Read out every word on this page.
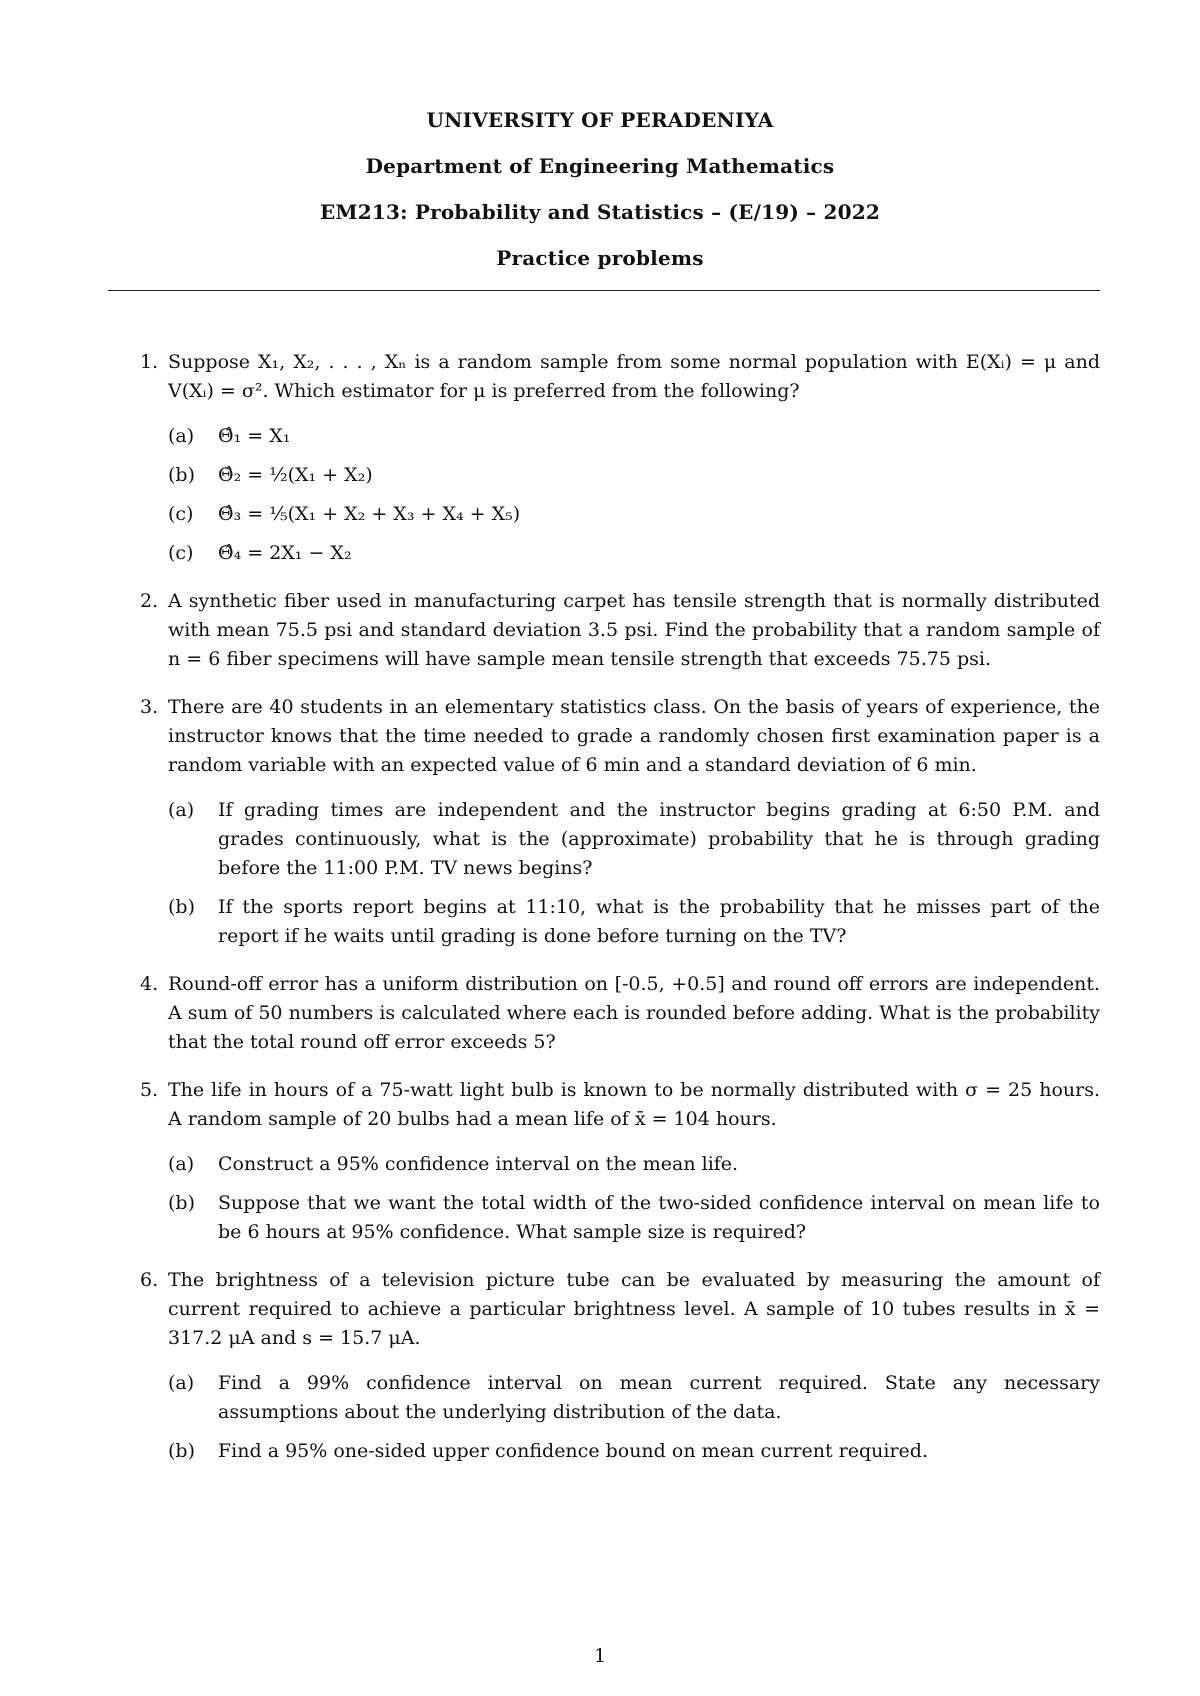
UNIVERSITY OF PERADENIYA
Department of Engineering Mathematics
EM213: Probability and Statistics – (E/19) – 2022
Practice problems
1. Suppose X₁, X₂, . . . , Xₙ is a random sample from some normal population with E(Xᵢ) = μ and V(Xᵢ) = σ². Which estimator for μ is preferred from the following?
(a) Θ̂₁ = X₁
(b) Θ̂₂ = ½(X₁ + X₂)
(c) Θ̂₃ = ⅕(X₁ + X₂ + X₃ + X₄ + X₅)
(c) Θ̂₄ = 2X₁ − X₂
2. A synthetic fiber used in manufacturing carpet has tensile strength that is normally distributed with mean 75.5 psi and standard deviation 3.5 psi. Find the probability that a random sample of n = 6 fiber specimens will have sample mean tensile strength that exceeds 75.75 psi.
3. There are 40 students in an elementary statistics class. On the basis of years of experience, the instructor knows that the time needed to grade a randomly chosen first examination paper is a random variable with an expected value of 6 min and a standard deviation of 6 min.
(a) If grading times are independent and the instructor begins grading at 6:50 P.M. and grades continuously, what is the (approximate) probability that he is through grading before the 11:00 P.M. TV news begins?
(b) If the sports report begins at 11:10, what is the probability that he misses part of the report if he waits until grading is done before turning on the TV?
4. Round-off error has a uniform distribution on [-0.5, +0.5] and round off errors are independent. A sum of 50 numbers is calculated where each is rounded before adding. What is the probability that the total round off error exceeds 5?
5. The life in hours of a 75-watt light bulb is known to be normally distributed with σ = 25 hours. A random sample of 20 bulbs had a mean life of x̄ = 104 hours.
(a) Construct a 95% confidence interval on the mean life.
(b) Suppose that we want the total width of the two-sided confidence interval on mean life to be 6 hours at 95% confidence. What sample size is required?
6. The brightness of a television picture tube can be evaluated by measuring the amount of current required to achieve a particular brightness level. A sample of 10 tubes results in x̄ = 317.2 μA and s = 15.7 μA.
(a) Find a 99% confidence interval on mean current required. State any necessary assumptions about the underlying distribution of the data.
(b) Find a 95% one-sided upper confidence bound on mean current required.
1
